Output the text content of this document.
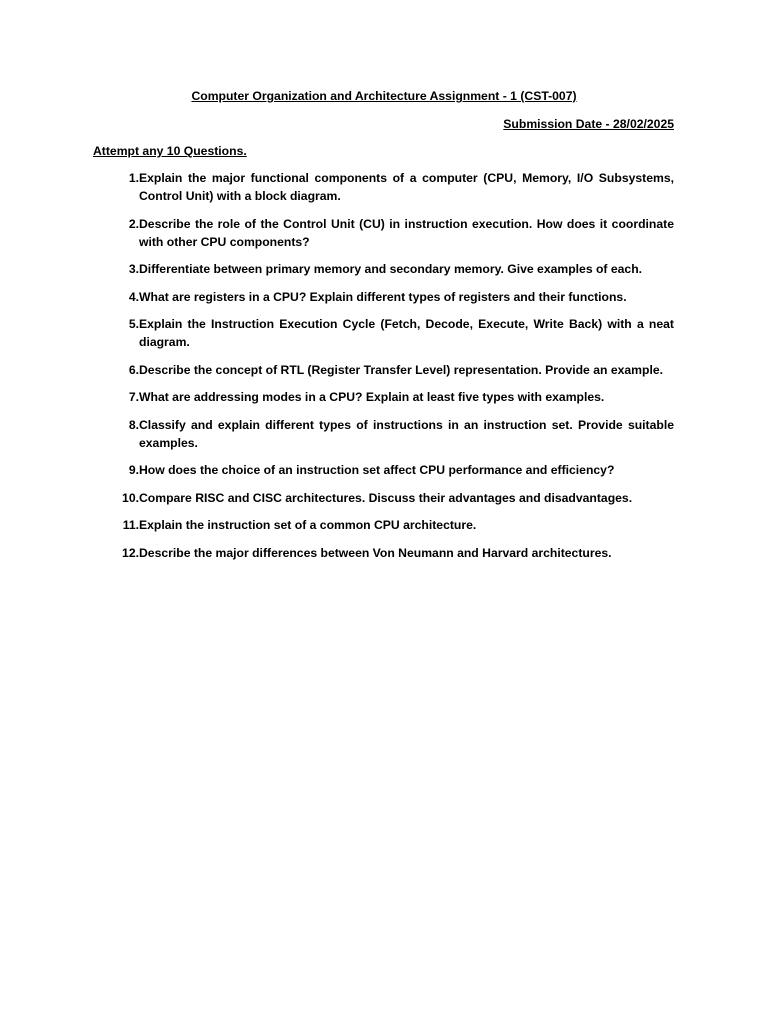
Computer Organization and Architecture Assignment - 1 (CST-007)
Submission Date - 28/02/2025
Attempt any 10 Questions.
1. Explain the major functional components of a computer (CPU, Memory, I/O Subsystems, Control Unit) with a block diagram.
2. Describe the role of the Control Unit (CU) in instruction execution. How does it coordinate with other CPU components?
3. Differentiate between primary memory and secondary memory. Give examples of each.
4. What are registers in a CPU? Explain different types of registers and their functions.
5. Explain the Instruction Execution Cycle (Fetch, Decode, Execute, Write Back) with a neat diagram.
6. Describe the concept of RTL (Register Transfer Level) representation. Provide an example.
7. What are addressing modes in a CPU? Explain at least five types with examples.
8. Classify and explain different types of instructions in an instruction set. Provide suitable examples.
9. How does the choice of an instruction set affect CPU performance and efficiency?
10. Compare RISC and CISC architectures. Discuss their advantages and disadvantages.
11. Explain the instruction set of a common CPU architecture.
12. Describe the major differences between Von Neumann and Harvard architectures.
